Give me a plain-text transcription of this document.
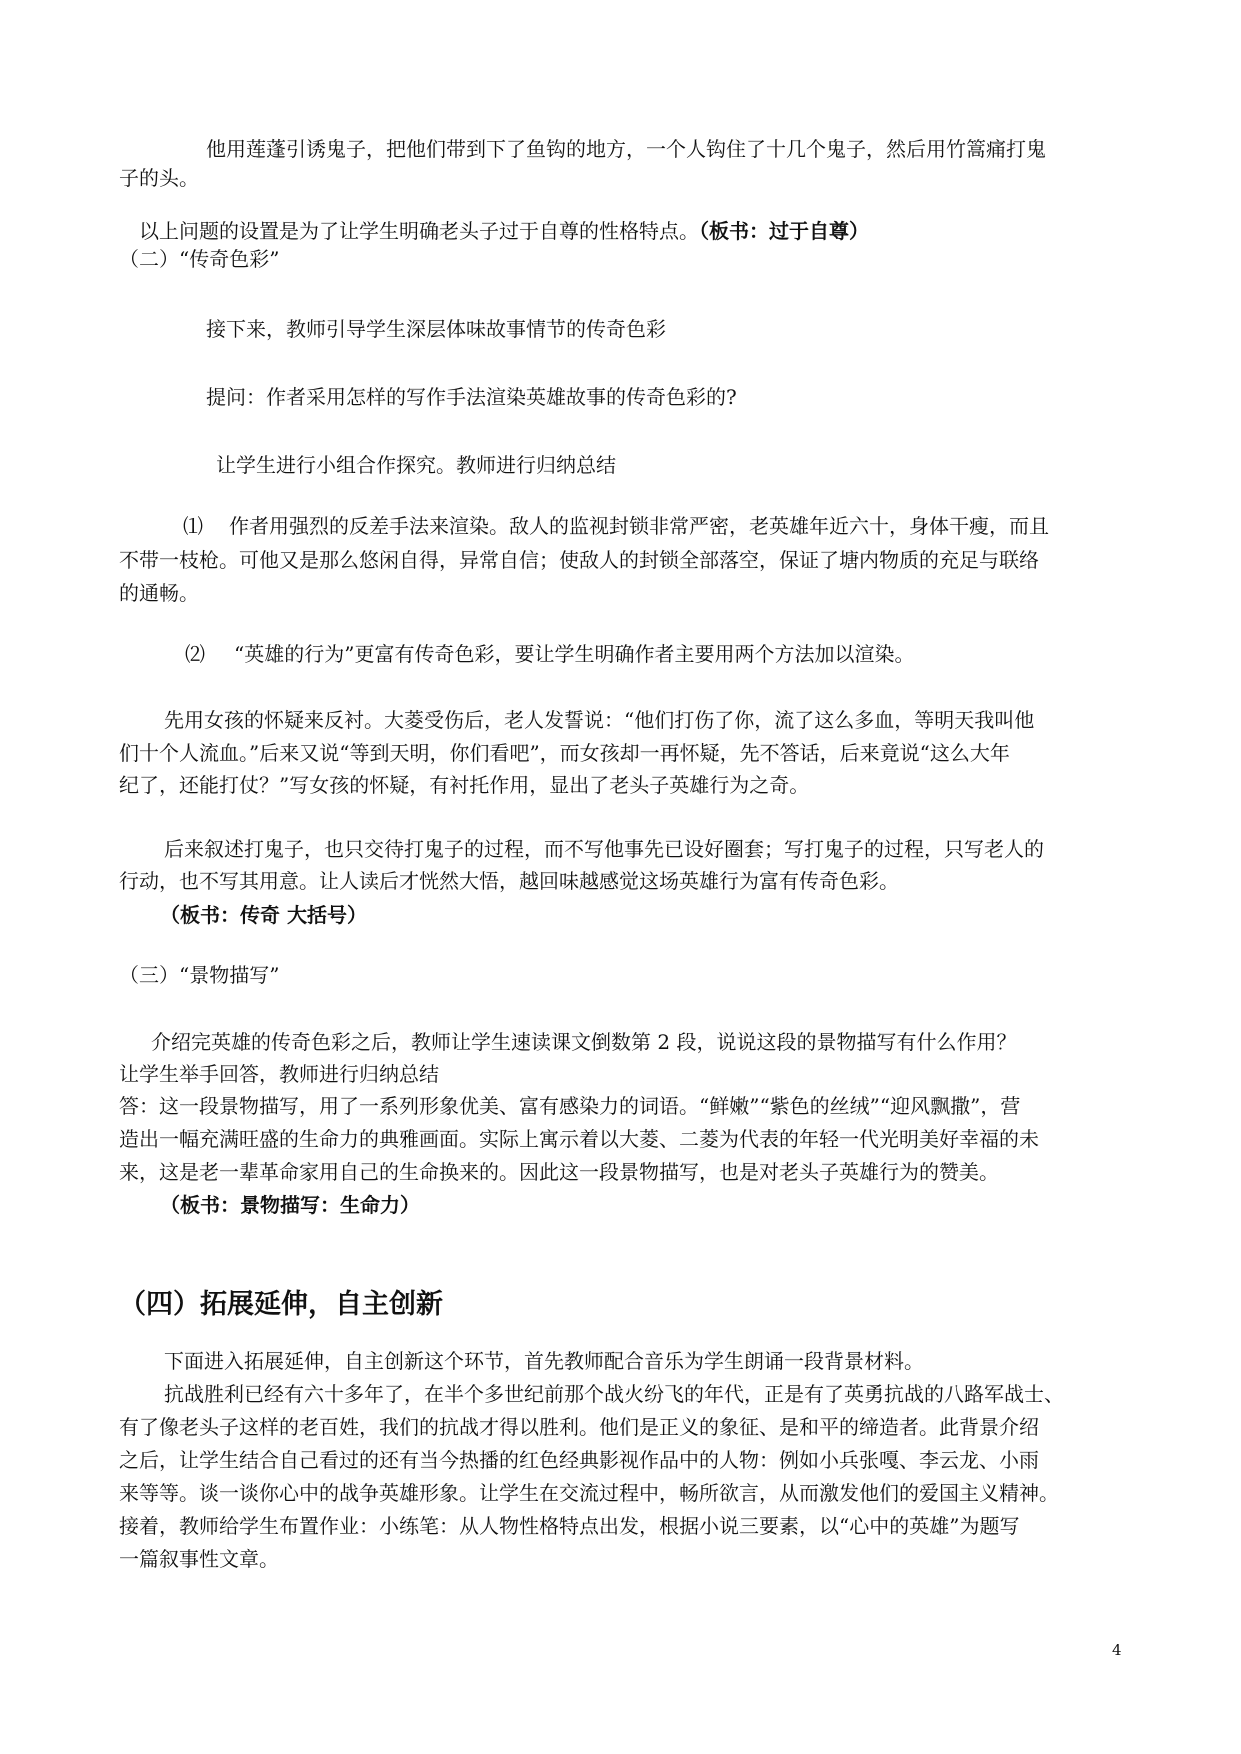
他用莲蓬引诱鬼子，把他们带到下了鱼钩的地方，一个人钩住了十几个鬼子，然后用竹篙痛打鬼
子的头。
以上问题的设置是为了让学生明确老头子过于自尊的性格特点。（板书：过于自尊）
（二）“传奇色彩”
接下来，教师引导学生深层体味故事情节的传奇色彩
提问：作者采用怎样的写作手法渲染英雄故事的传奇色彩的?
让学生进行小组合作探究。教师进行归纳总结
⑴ 作者用强烈的反差手法来渲染。敌人的监视封锁非常严密，老英雄年近六十，身体干瘦，而且
不带一枝枪。可他又是那么悠闲自得，异常自信；使敌人的封锁全部落空，保证了塘内物质的充足与联络
的通畅。
⑵ “英雄的行为”更富有传奇色彩，要让学生明确作者主要用两个方法加以渲染。
先用女孩的怀疑来反衬。大菱受伤后，老人发誓说：“他们打伤了你，流了这么多血，等明天我叫他
们十个人流血。”后来又说“等到天明，你们看吧”，而女孩却一再怀疑，先不答话，后来竟说“这么大年
纪了，还能打仗？”写女孩的怀疑，有衬托作用，显出了老头子英雄行为之奇。
后来叙述打鬼子，也只交待打鬼子的过程，而不写他事先已设好圈套；写打鬼子的过程，只写老人的
行动，也不写其用意。让人读后才恍然大悟，越回味越感觉这场英雄行为富有传奇色彩。
（板书：传奇 大括号）
（三）“景物描写”
介绍完英雄的传奇色彩之后，教师让学生速读课文倒数第 2 段，说说这段的景物描写有什么作用？
让学生举手回答，教师进行归纳总结
答：这一段景物描写，用了一系列形象优美、富有感染力的词语。“鲜嫩”“紫色的丝绒”“迎风飘撒”，营
造出一幅充满旺盛的生命力的典雅画面。实际上寓示着以大菱、二菱为代表的年轻一代光明美好幸福的未
来，这是老一辈革命家用自己的生命换来的。因此这一段景物描写，也是对老头子英雄行为的赞美。
（板书：景物描写：生命力）
（四）拓展延伸，自主创新
下面进入拓展延伸，自主创新这个环节，首先教师配合音乐为学生朗诵一段背景材料。
抗战胜利已经有六十多年了，在半个多世纪前那个战火纷飞的年代，正是有了英勇抗战的八路军战士、
有了像老头子这样的老百姓，我们的抗战才得以胜利。他们是正义的象征、是和平的缔造者。此背景介绍
之后，让学生结合自己看过的还有当今热播的红色经典影视作品中的人物：例如小兵张嘎、李云龙、小雨
来等等。谈一谈你心中的战争英雄形象。让学生在交流过程中，畅所欲言，从而激发他们的爱国主义精神。
接着，教师给学生布置作业：小练笔：从人物性格特点出发，根据小说三要素，以“心中的英雄”为题写
一篇叙事性文章。
4
